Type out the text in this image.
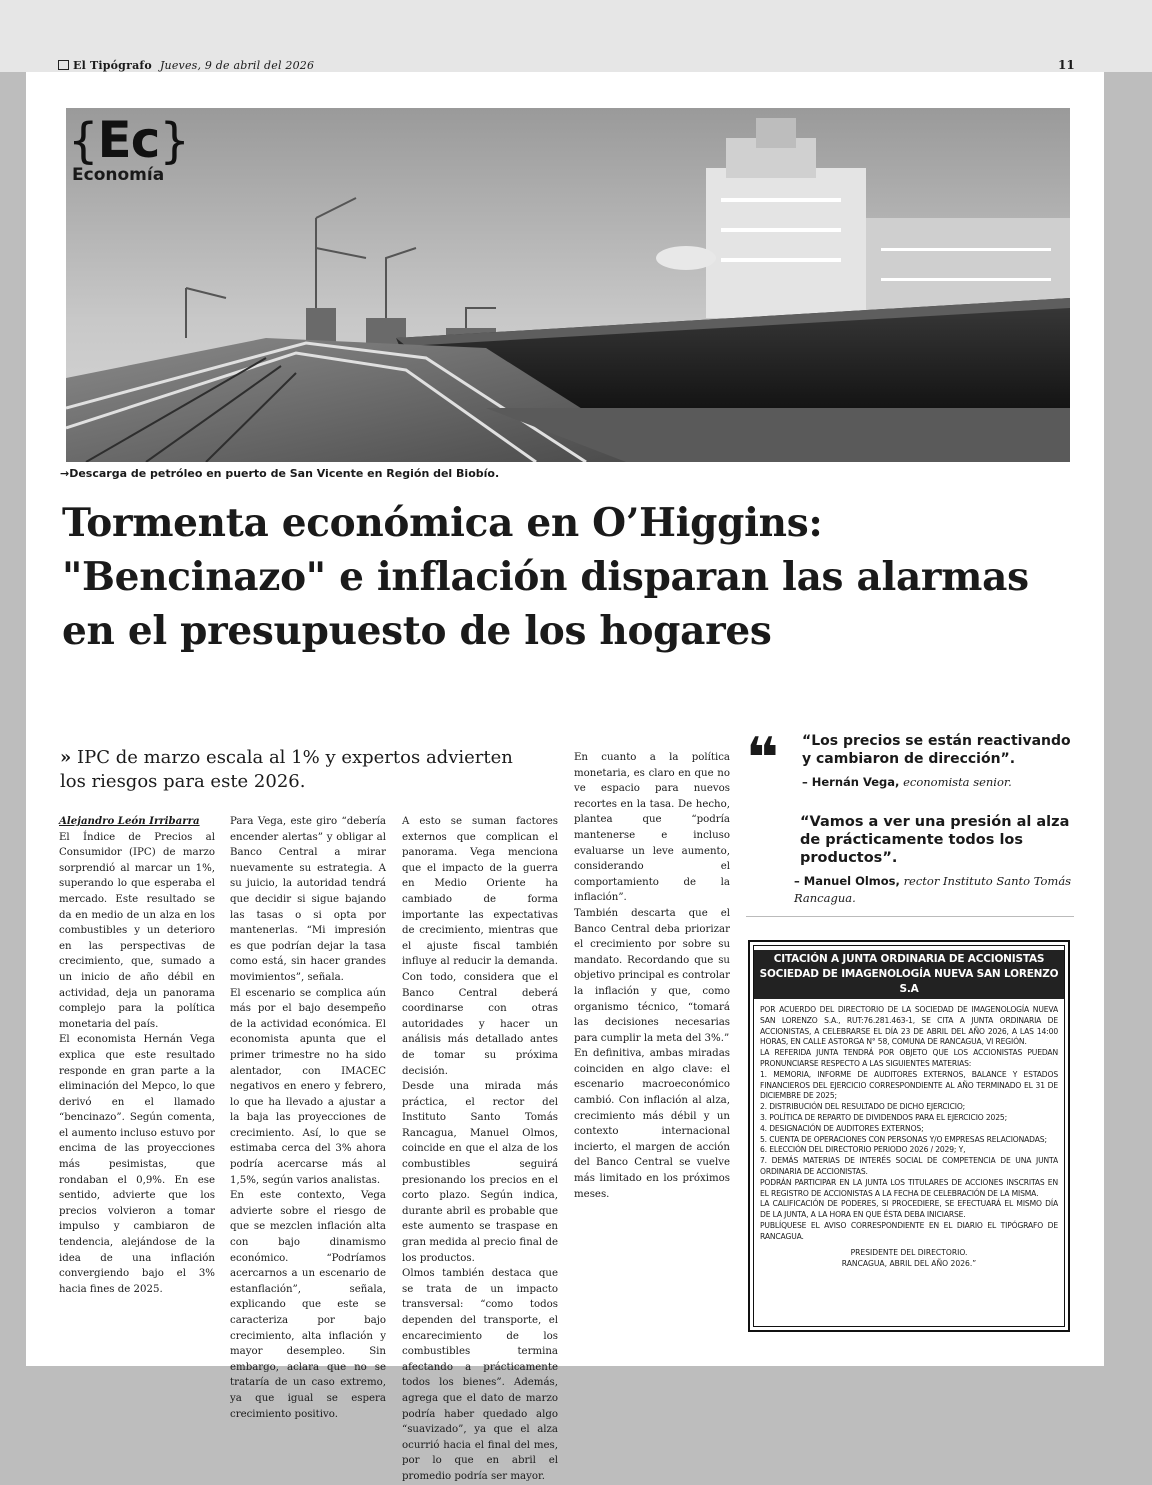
El Tipógrafo Jueves, 9 de abril del 2026	11
{Ec}
Economía
→Descarga de petróleo en puerto de San Vicente en Región del Biobío.
Tormenta económica en O’Higgins:
"Bencinazo" e inflación disparan las alarmas
en el presupuesto de los hogares
» IPC de marzo escala al 1% y expertos advierten los riesgos para este 2026.

Alejandro León Irribarra

El Índice de Precios al Consumidor (IPC) de marzo sorprendió al marcar un 1%, superando lo que esperaba el mercado. Este resultado se da en medio de un alza en los combustibles y un deterioro en las perspectivas de crecimiento, que, sumado a un inicio de año débil en actividad, deja un panorama complejo para la política monetaria del país.

El economista Hernán Vega explica que este resultado responde en gran parte a la eliminación del Mepco, lo que derivó en el llamado “bencinazo”. Según comenta, el aumento incluso estuvo por encima de las proyecciones más pesimistas, que rondaban el 0,9%. En ese sentido, advierte que los precios volvieron a tomar impulso y cambiaron de tendencia, alejándose de la idea de una inflación convergiendo bajo el 3% hacia fines de 2025.

Para Vega, este giro “debería encender alertas” y obligar al Banco Central a mirar nuevamente su estrategia. A su juicio, la autoridad tendrá que decidir si sigue bajando las tasas o si opta por mantenerlas. “Mi impresión es que podrían dejar la tasa como está, sin hacer grandes movimientos”, señala.

El escenario se complica aún más por el bajo desempeño de la actividad económica. El economista apunta que el primer trimestre no ha sido alentador, con IMACEC negativos en enero y febrero, lo que ha llevado a ajustar a la baja las proyecciones de crecimiento. Así, lo que se estimaba cerca del 3% ahora podría acercarse más al 1,5%, según varios analistas.

En este contexto, Vega advierte sobre el riesgo de que se mezclen inflación alta con bajo dinamismo económico. “Podríamos acercarnos a un escenario de estanflación”, señala, explicando que este se caracteriza por bajo crecimiento, alta inflación y mayor desempleo. Sin embargo, aclara que no se trataría de un caso extremo, ya que igual se espera crecimiento positivo.

A esto se suman factores externos que complican el panorama. Vega menciona que el impacto de la guerra en Medio Oriente ha cambiado de forma importante las expectativas de crecimiento, mientras que el ajuste fiscal también influye al reducir la demanda. Con todo, considera que el Banco Central deberá coordinarse con otras autoridades y hacer un análisis más detallado antes de tomar su próxima decisión.

Desde una mirada más práctica, el rector del Instituto Santo Tomás Rancagua, Manuel Olmos, coincide en que el alza de los combustibles seguirá presionando los precios en el corto plazo. Según indica, durante abril es probable que este aumento se traspase en gran medida al precio final de los productos.

Olmos también destaca que se trata de un impacto transversal: “como todos dependen del transporte, el encarecimiento de los combustibles termina afectando a prácticamente todos los bienes”. Además, agrega que el dato de marzo podría haber quedado algo “suavizado”, ya que el alza ocurrió hacia el final del mes, por lo que en abril el promedio podría ser mayor.

En cuanto a la política monetaria, es claro en que no ve espacio para nuevos recortes en la tasa. De hecho, plantea que “podría mantenerse e incluso evaluarse un leve aumento, considerando el comportamiento de la inflación”.

También descarta que el Banco Central deba priorizar el crecimiento por sobre su mandato. Recordando que su objetivo principal es controlar la inflación y que, como organismo técnico, “tomará las decisiones necesarias para cumplir la meta del 3%.”

En definitiva, ambas miradas coinciden en algo clave: el escenario macroeconómico cambió. Con inflación al alza, crecimiento más débil y un contexto internacional incierto, el margen de acción del Banco Central se vuelve más limitado en los próximos meses.

❝ “Los precios se están reactivando y cambiaron de dirección”.
– Hernán Vega, economista senior.
“Vamos a ver una presión al alza de prácticamente todos los productos”.
– Manuel Olmos, rector Instituto Santo Tomás Rancagua.
CITACIÓN A JUNTA ORDINARIA DE ACCIONISTAS
SOCIEDAD DE IMAGENOLOGÍA NUEVA SAN LORENZO S.A

POR ACUERDO DEL DIRECTORIO DE LA SOCIEDAD DE IMAGENOLOGÍA NUEVA SAN LORENZO S.A., RUT:76.281.463-1, SE CITA A JUNTA ORDINARIA DE ACCIONISTAS, A CELEBRARSE EL DÍA 23 DE ABRIL DEL AÑO 2026, A LAS 14:00 HORAS, EN CALLE ASTORGA N° 58, COMUNA DE RANCAGUA, VI REGIÓN.

LA REFERIDA JUNTA TENDRÁ POR OBJETO QUE LOS ACCIONISTAS PUEDAN PRONUNCIARSE RESPECTO A LAS SIGUIENTES MATERIAS:

1. MEMORIA, INFORME DE AUDITORES EXTERNOS, BALANCE Y ESTADOS FINANCIEROS DEL EJERCICIO CORRESPONDIENTE AL AÑO TERMINADO EL 31 DE DICIEMBRE DE 2025;

2. DISTRIBUCIÓN DEL RESULTADO DE DICHO EJERCICIO;

3. POLÍTICA DE REPARTO DE DIVIDENDOS PARA EL EJERCICIO 2025;

4. DESIGNACIÓN DE AUDITORES EXTERNOS;

5. CUENTA DE OPERACIONES CON PERSONAS Y/O EMPRESAS RELACIONADAS;

6. ELECCIÓN DEL DIRECTORIO PERIODO 2026 / 2029; Y,

7. DEMÁS MATERIAS DE INTERÉS SOCIAL DE COMPETENCIA DE UNA JUNTA ORDINARIA DE ACCIONISTAS.

PODRÁN PARTICIPAR EN LA JUNTA LOS TITULARES DE ACCIONES INSCRITAS EN EL REGISTRO DE ACCIONISTAS A LA FECHA DE CELEBRACIÓN DE LA MISMA.

LA CALIFICACIÓN DE PODERES, SI PROCEDIERE, SE EFECTUARÁ EL MISMO DÍA DE LA JUNTA, A LA HORA EN QUE ÉSTA DEBA INICIARSE.

PUBLÍQUESE EL AVISO CORRESPONDIENTE EN EL DIARIO EL TIPÓGRAFO DE RANCAGUA.

PRESIDENTE DEL DIRECTORIO.
RANCAGUA, ABRIL DEL AÑO 2026.”
